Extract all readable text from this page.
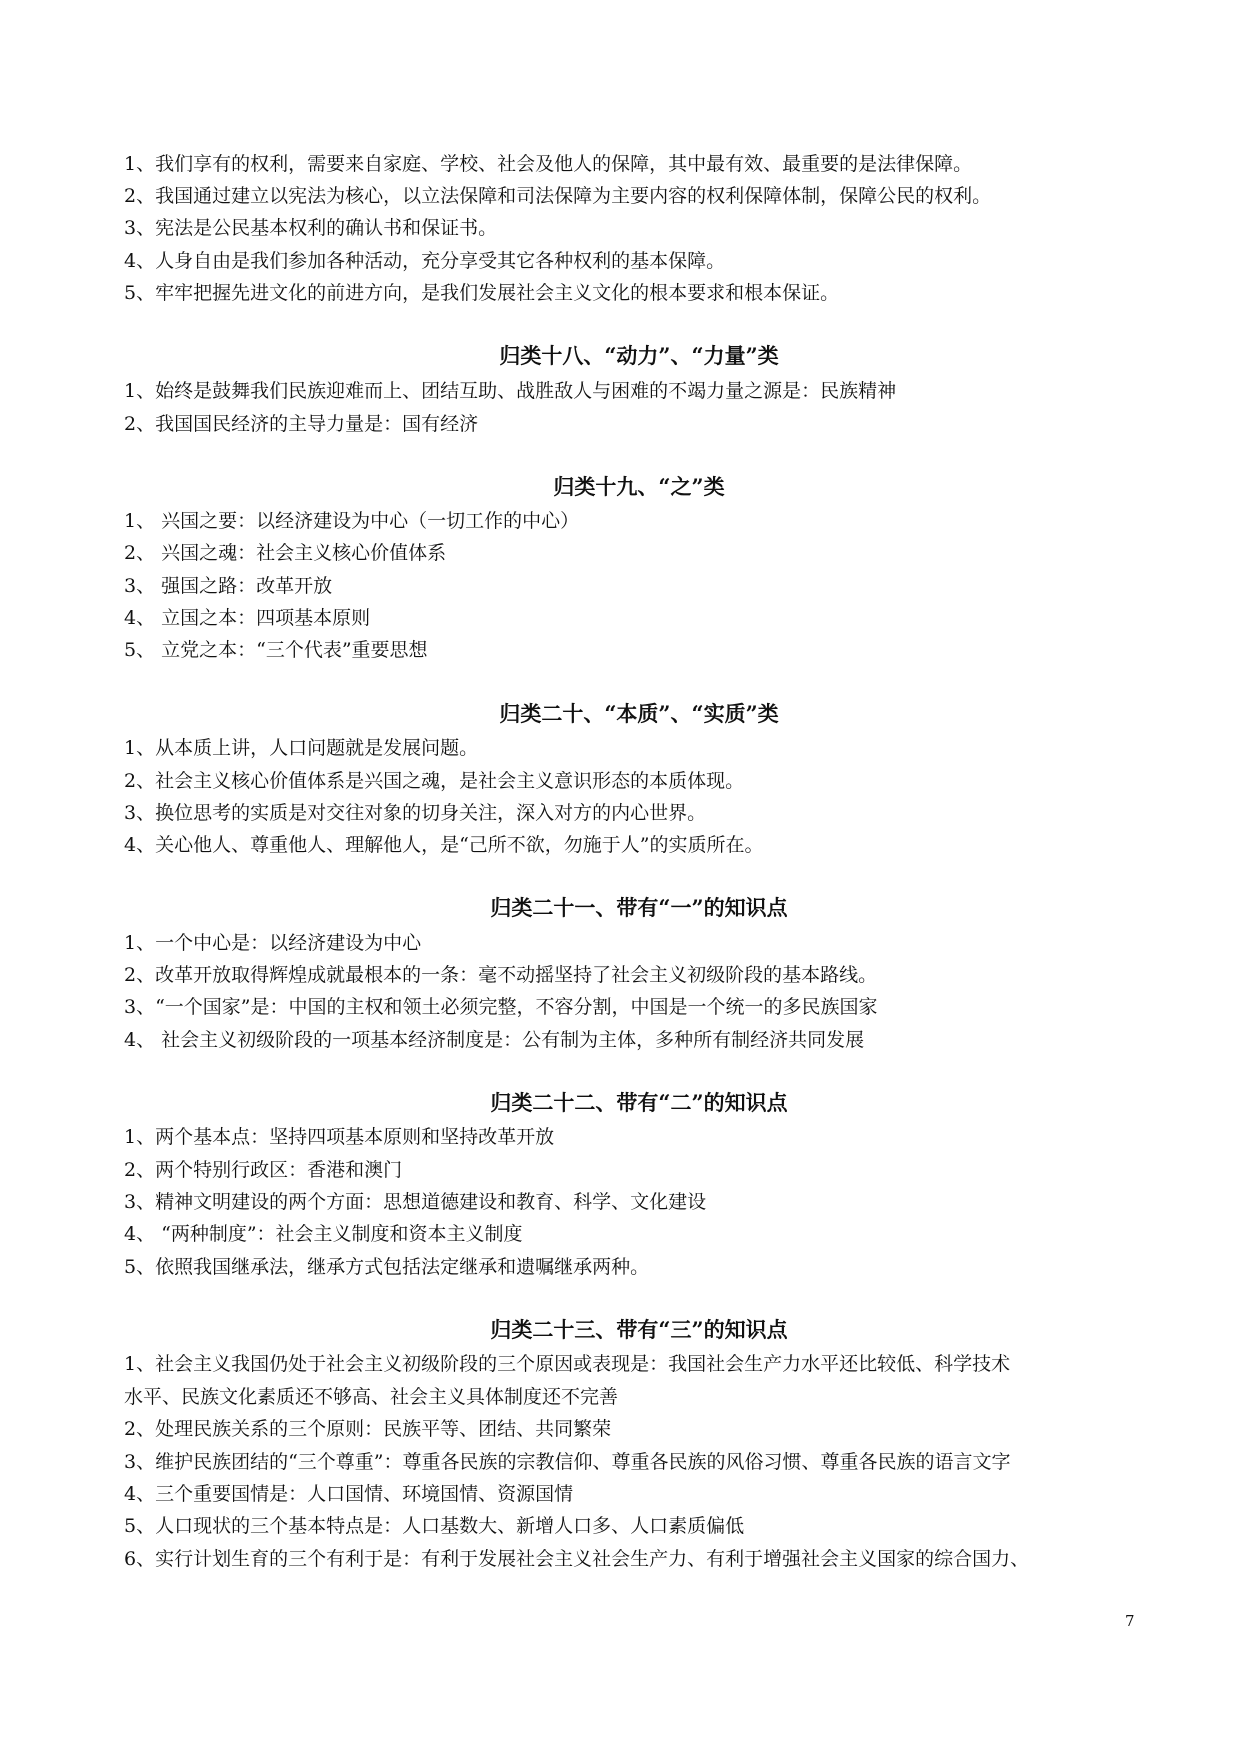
1、我们享有的权利，需要来自家庭、学校、社会及他人的保障，其中最有效、最重要的是法律保障。
2、我国通过建立以宪法为核心，以立法保障和司法保障为主要内容的权利保障体制，保障公民的权利。
3、宪法是公民基本权利的确认书和保证书。
4、人身自由是我们参加各种活动，充分享受其它各种权利的基本保障。
5、牢牢把握先进文化的前进方向，是我们发展社会主义文化的根本要求和根本保证。
归类十八、“动力”、“力量”类
1、始终是鼓舞我们民族迎难而上、团结互助、战胜敌人与困难的不竭力量之源是：民族精神
2、我国国民经济的主导力量是：国有经济
归类十九、“之”类
1、 兴国之要：以经济建设为中心（一切工作的中心）
2、 兴国之魂：社会主义核心价值体系
3、 强国之路：改革开放
4、 立国之本：四项基本原则
5、 立党之本：“三个代表”重要思想
归类二十、“本质”、“实质”类
1、从本质上讲，人口问题就是发展问题。
2、社会主义核心价值体系是兴国之魂，是社会主义意识形态的本质体现。
3、换位思考的实质是对交往对象的切身关注，深入对方的内心世界。
4、关心他人、尊重他人、理解他人，是“己所不欲，勿施于人”的实质所在。
归类二十一、带有“一”的知识点
1、一个中心是：以经济建设为中心
2、改革开放取得辉煌成就最根本的一条：毫不动摇坚持了社会主义初级阶段的基本路线。
3、“一个国家”是：中国的主权和领土必须完整，不容分割，中国是一个统一的多民族国家
4、 社会主义初级阶段的一项基本经济制度是：公有制为主体，多种所有制经济共同发展
归类二十二、带有“二”的知识点
1、两个基本点：坚持四项基本原则和坚持改革开放
2、两个特别行政区：香港和澳门
3、精神文明建设的两个方面：思想道德建设和教育、科学、文化建设
4、 “两种制度”：社会主义制度和资本主义制度
5、依照我国继承法，继承方式包括法定继承和遗嘱继承两种。
归类二十三、带有“三”的知识点
1、社会主义我国仍处于社会主义初级阶段的三个原因或表现是：我国社会生产力水平还比较低、科学技术
水平、民族文化素质还不够高、社会主义具体制度还不完善
2、处理民族关系的三个原则：民族平等、团结、共同繁荣
3、维护民族团结的“三个尊重”：尊重各民族的宗教信仰、尊重各民族的风俗习惯、尊重各民族的语言文字
4、三个重要国情是：人口国情、环境国情、资源国情
5、人口现状的三个基本特点是：人口基数大、新增人口多、人口素质偏低
6、实行计划生育的三个有利于是：有利于发展社会主义社会生产力、有利于增强社会主义国家的综合国力、
7
